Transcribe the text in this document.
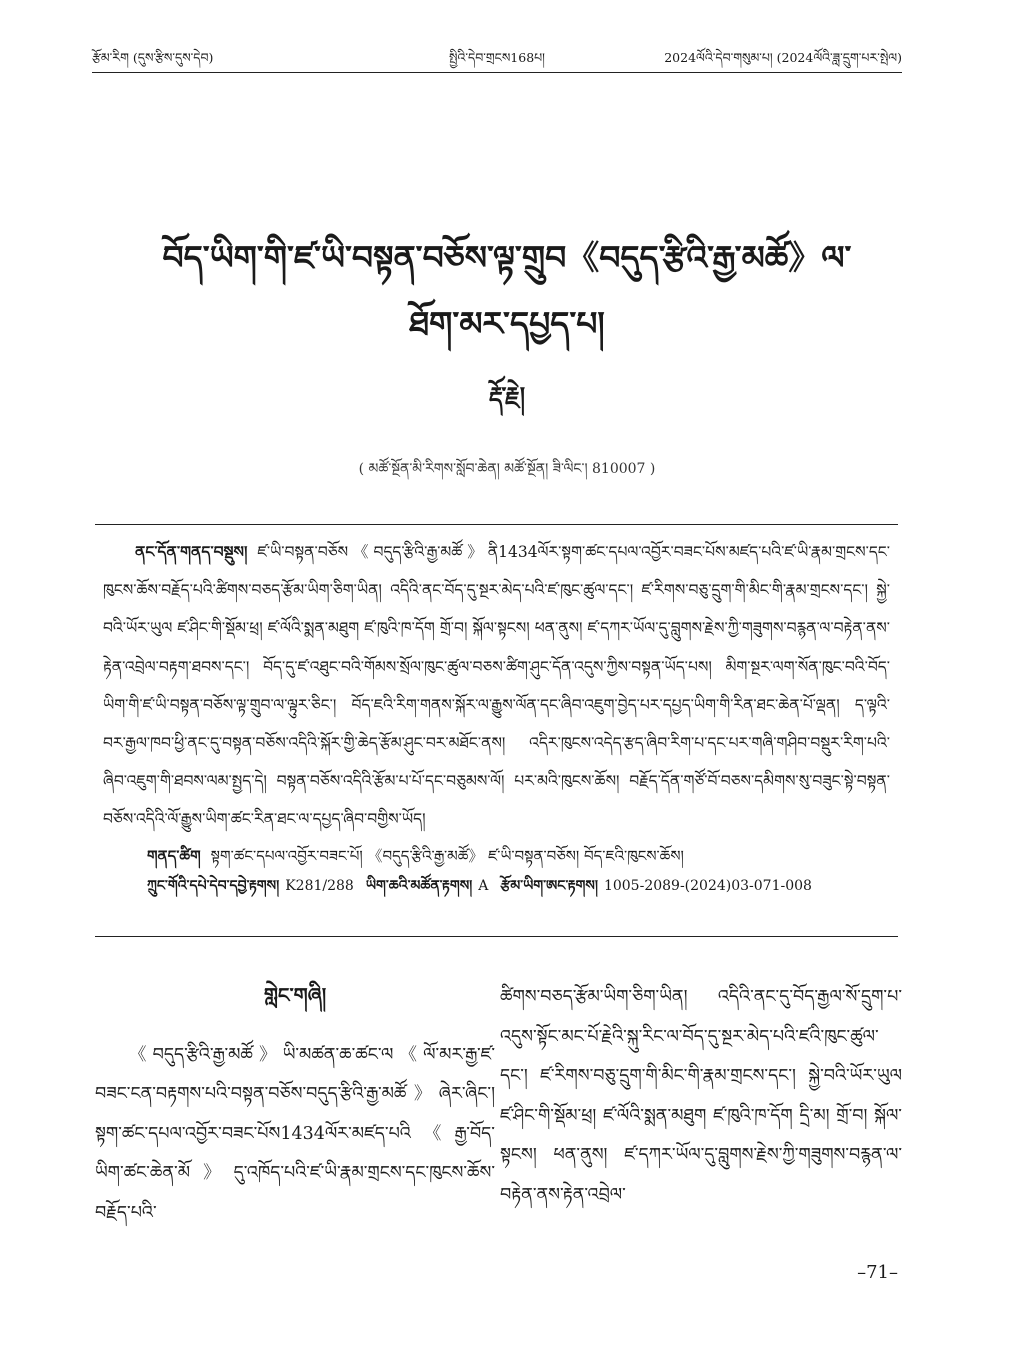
རྩོམ་རིག (དུས་རྩིས་དུས་དེབ)	སྤྱིའི་དེབ་གྲངས168པ།	2024ལོའི་དེབ་གསུམ་པ། (2024ལོའི་ཟླ་དྲུག་པར་སྤེལ)
བོད་ཡིག་གི་ཛ་ཡི་བསྟན་བཅོས་ལྟ་གྲུབ《བདུད་རྩིའི་རྒྱ་མཚོ》ལ་ཐོག་མར་དཔྱད་པ།
རྡོ་རྗེ།
( མཚོ་སྔོན་མི་རིགས་སློབ་ཆེན། མཚོ་སྔོན། ཟི་ལིང་། 810007 )

ནང་དོན་གནད་བསྡུས། ཛ་ཡི་བསྟན་བཅོས《བདུད་རྩིའི་རྒྱ་མཚོ》ནི1434ལོར་སྟག་ཚང་དཔལ་འབྱོར་བཟང་པོས་མཛད་པའི་ཛ་ཡི་རྣམ་གྲངས་དང་ཁུངས་ཆོས་བརྗོད་པའི་ཚིགས་བཅད་རྩོམ་ཡིག་ཅིག་ཡིན། འདིའི་ནང་བོད་དུ་སྔར་མེད་པའི་ཛ་ཁུང་ཚུལ་དང་། ཛ་རིགས་བཅུ་དྲུག་གི་མིང་གི་རྣམ་གྲངས་དང་། སྐྱེ་བའི་ཡོར་ཡུལ ཛ་ཤིང་གི་སྡོམ་ཕྲ། ཛ་ལོའི་སྨན་མཐུག ཛ་ཁུའི་ཁ་དོག གྲོ་བ། སྐོལ་སྟངས། ཕན་ནུས། ཛ་དཀར་ཡོལ་དུ་བླུགས་རྗེས་ཀྱི་གཟུགས་བརྙན་ལ་བརྟེན་ནས་རྟེན་འབྲེལ་བརྟག་ཐབས་དང་། བོད་དུ་ཛ་འཐུང་བའི་གོམས་སྲོལ་ཁུང་ཚུལ་བཅས་ཚིག་ཤུང་དོན་འདུས་ཀྱིས་བསྟན་ཡོད་པས། མིག་སྔར་ལག་སོན་ཁུང་བའི་བོད་ཡིག་གི་ཛ་ཡི་བསྟན་བཅོས་ལྟ་གྲུབ་ལ་ལྟུར་ཅིང་། བོད་ཇའི་རིག་གནས་སྐོར་ལ་རྒྱུས་ལོན་དང་ཞིབ་འཇུག་བྱེད་པར་དཔྱད་ཡིག་གི་རིན་ཐང་ཆེན་པོ་ལྡན། ད་ལྟའི་བར་རྒྱལ་ཁབ་ཕྱི་ནང་དུ་བསྟན་བཅོས་འདིའི་སྐོར་གྱི་ཆེད་རྩོམ་ཤུང་བར་མཐོང་ནས། འདིར་ཁུངས་འདེད་རྩད་ཞིབ་རིག་པ་དང་པར་གཞི་གཤིབ་བསྡུར་རིག་པའི་ཞིབ་འཇུག་གི་ཐབས་ལམ་སྤྱད་དེ། བསྟན་བཅོས་འདིའི་རྩོམ་པ་པོ་དང་བཅུམས་ལོ། པར་མའི་ཁུངས་ཆོས། བརྗོད་དོན་གཙོ་བོ་བཅས་དམིགས་སུ་བཟུང་སྟེ་བསྟན་བཅོས་འདིའི་ལོ་རྒྱུས་ཡིག་ཚང་རིན་ཐང་ལ་དཔྱད་ཞིབ་བགྱིས་ཡོད།

གནད་ཚིག སྟག་ཚང་དཔལ་འབྱོར་བཟང་པོ། 《བདུད་རྩིའི་རྒྱ་མཚོ》 ཛ་ཡི་བསྟན་བཅོས། བོད་ཇའི་ཁུངས་ཆོས།

ཀྲུང་གོའི་དཔེ་དེབ་དབྱེ་རྟགས། K281/288 ཡིག་ཆའི་མཚོན་རྟགས། A རྩོམ་ཡིག་ཨང་རྟགས། 1005-2089-(2024)03-071-008

གླེང་གཞི།

《བདུད་རྩིའི་རྒྱ་མཚོ》ཡི་མཚན་ཆ་ཚང་ལ《ལོ་མར་རྒྱ་ཛ་བཟང་ངན་བརྟགས་པའི་བསྟན་བཅོས་བདུད་རྩིའི་རྒྱ་མཚོ》ཞེར་ཞིང་། སྟག་ཚང་དཔལ་འབྱོར་བཟང་པོས1434ལོར་མཛད་པའི《རྒྱ་བོད་ཡིག་ཚང་ཆེན་མོ》དུ་འཁོད་པའི་ཛ་ཡི་རྣམ་གྲངས་དང་ཁུངས་ཆོས་བརྗོད་པའི་

ཚིགས་བཅད་རྩོམ་ཡིག་ཅིག་ཡིན། འདིའི་ནང་དུ་བོད་རྒྱལ་སོ་དྲུག་པ་འདུས་སྟོང་མང་པོ་རྗེའི་སྐུ་རིང་ལ་བོད་དུ་སྔར་མེད་པའི་ཛའི་ཁུང་ཚུལ་དང་། ཛ་རིགས་བཅུ་དྲུག་གི་མིང་གི་རྣམ་གྲངས་དང་། སྐྱེ་བའི་ཡོར་ཡུལ ཛ་ཤིང་གི་སྡོམ་ཕྲ། ཛ་ལོའི་སྨན་མཐུག ཛ་ཁུའི་ཁ་དོག དྲི་མ། གྲོ་བ། སྐོལ་སྟངས། ཕན་ནུས། ཛ་དཀར་ཡོལ་དུ་བླུགས་རྗེས་ཀྱི་གཟུགས་བརྙན་ལ་བརྟེན་ནས་རྟེན་འབྲེལ་

–71–
